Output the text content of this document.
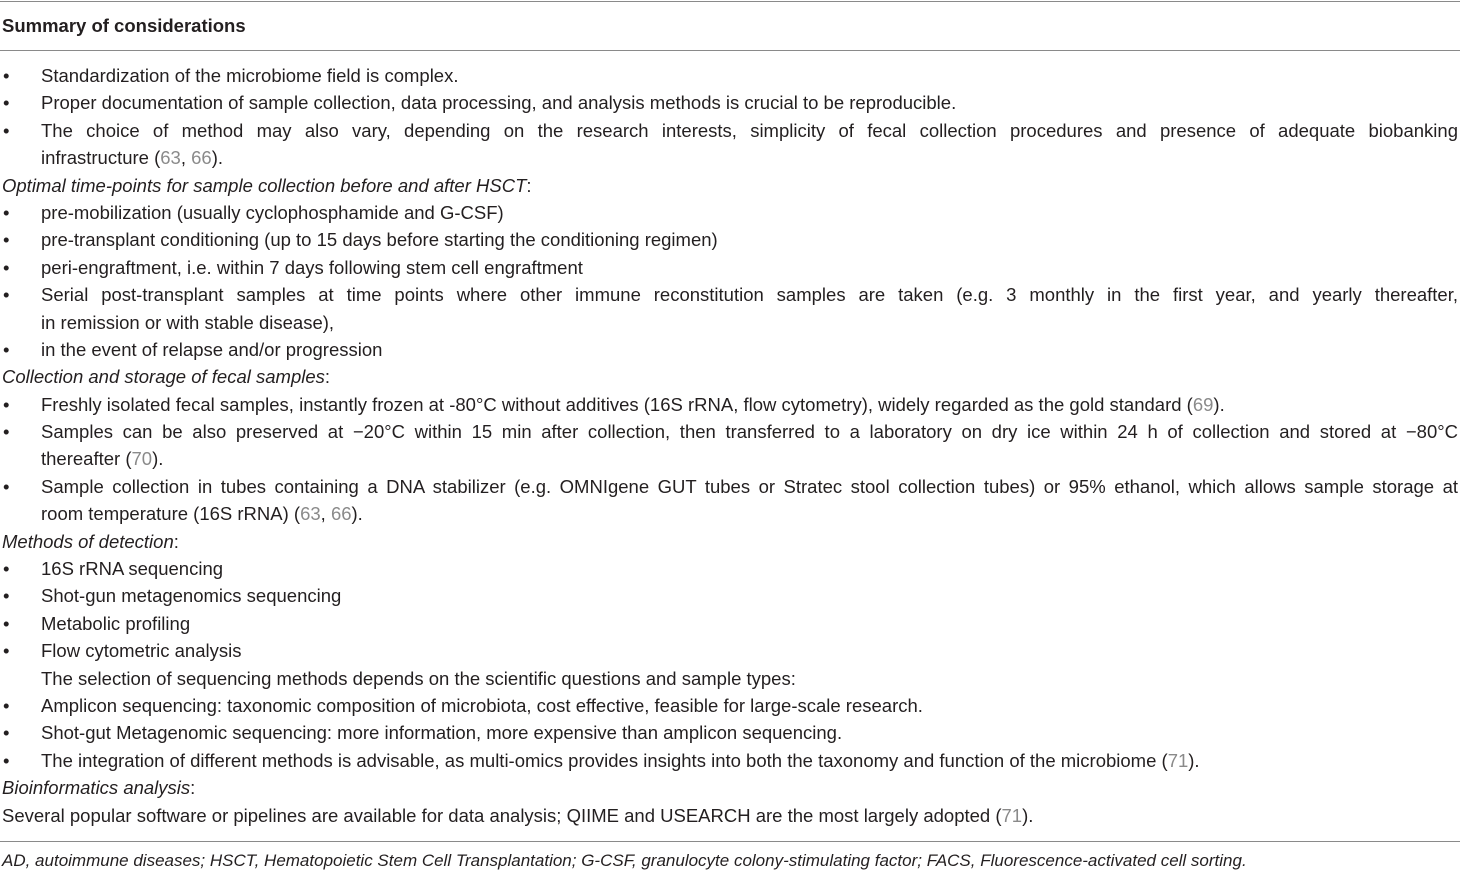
Summary of considerations
•	Standardization of the microbiome field is complex.
•	Proper documentation of sample collection, data processing, and analysis methods is crucial to be reproducible.
•	The choice of method may also vary, depending on the research interests, simplicity of fecal collection procedures and presence of adequate biobanking
infrastructure (63, 66).
Optimal time-points for sample collection before and after HSCT:
•	pre-mobilization (usually cyclophosphamide and G-CSF)
•	pre-transplant conditioning (up to 15 days before starting the conditioning regimen)
•	peri-engraftment, i.e. within 7 days following stem cell engraftment
•	Serial post-transplant samples at time points where other immune reconstitution samples are taken (e.g. 3 monthly in the first year, and yearly thereafter,
in remission or with stable disease),
•	in the event of relapse and/or progression
Collection and storage of fecal samples:
•	Freshly isolated fecal samples, instantly frozen at -80°C without additives (16S rRNA, flow cytometry), widely regarded as the gold standard (69).
•	Samples can be also preserved at −20°C within 15 min after collection, then transferred to a laboratory on dry ice within 24 h of collection and stored at −80°C
thereafter (70).
•	Sample collection in tubes containing a DNA stabilizer (e.g. OMNIgene GUT tubes or Stratec stool collection tubes) or 95% ethanol, which allows sample storage at
room temperature (16S rRNA) (63, 66).
Methods of detection:
•	16S rRNA sequencing
•	Shot-gun metagenomics sequencing
•	Metabolic profiling
•	Flow cytometric analysis
The selection of sequencing methods depends on the scientific questions and sample types:
•	Amplicon sequencing: taxonomic composition of microbiota, cost effective, feasible for large-scale research.
•	Shot-gut Metagenomic sequencing: more information, more expensive than amplicon sequencing.
•	The integration of different methods is advisable, as multi-omics provides insights into both the taxonomy and function of the microbiome (71).
Bioinformatics analysis:
Several popular software or pipelines are available for data analysis; QIIME and USEARCH are the most largely adopted (71).
AD, autoimmune diseases; HSCT, Hematopoietic Stem Cell Transplantation; G-CSF, granulocyte colony-stimulating factor; FACS, Fluorescence-activated cell sorting.
